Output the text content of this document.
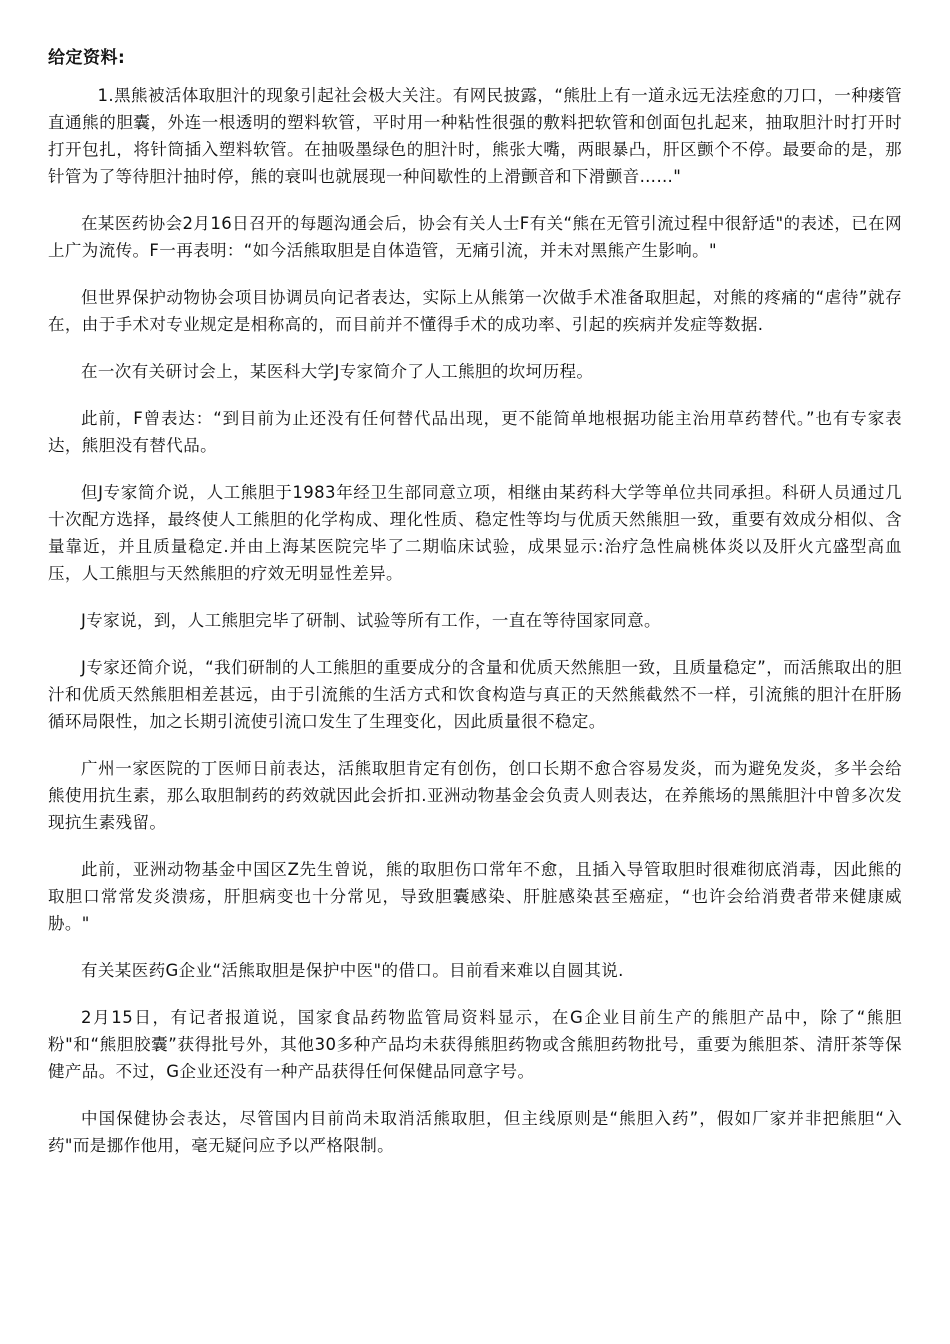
给定资料:

1.黑熊被活体取胆汁的现象引起社会极大关注。有网民披露，“熊肚上有一道永远无法痊愈的刀口，一种瘘管直通熊的胆囊，外连一根透明的塑料软管，平时用一种粘性很强的敷料把软管和创面包扎起来，抽取胆汁时打开时打开包扎，将针筒插入塑料软管。在抽吸墨绿色的胆汁时，熊张大嘴，两眼暴凸，肝区颤个不停。最要命的是，那针管为了等待胆汁抽时停，熊的衰叫也就展现一种间歇性的上滑颤音和下滑颤音……"

在某医药协会2月16日召开的每题沟通会后，协会有关人士F有关“熊在无管引流过程中很舒适"的表述，已在网上广为流传。F一再表明：“如今活熊取胆是自体造管，无痛引流，并未对黑熊产生影响。"

但世界保护动物协会项目协调员向记者表达，实际上从熊第一次做手术准备取胆起，对熊的疼痛的“虐待”就存在，由于手术对专业规定是相称高的，而目前并不懂得手术的成功率、引起的疾病并发症等数据.

在一次有关研讨会上，某医科大学J专家简介了人工熊胆的坎坷历程。

此前，F曾表达：“到目前为止还没有任何替代品出现，更不能简单地根据功能主治用草药替代。”也有专家表达，熊胆没有替代品。

但J专家简介说，人工熊胆于1983年经卫生部同意立项，相继由某药科大学等单位共同承担。科研人员通过几十次配方选择，最终使人工熊胆的化学构成、理化性质、稳定性等均与优质天然熊胆一致，重要有效成分相似、含量靠近，并且质量稳定.并由上海某医院完毕了二期临床试验，成果显示:治疗急性扁桃体炎以及肝火亢盛型高血压，人工熊胆与天然熊胆的疗效无明显性差异。

J专家说，到，人工熊胆完毕了研制、试验等所有工作，一直在等待国家同意。

J专家还简介说，“我们研制的人工熊胆的重要成分的含量和优质天然熊胆一致，且质量稳定”，而活熊取出的胆汁和优质天然熊胆相差甚远，由于引流熊的生活方式和饮食构造与真正的天然熊截然不一样，引流熊的胆汁在肝肠循环局限性，加之长期引流使引流口发生了生理变化，因此质量很不稳定。

广州一家医院的丁医师日前表达，活熊取胆肯定有创伤，创口长期不愈合容易发炎，而为避免发炎，多半会给熊使用抗生素，那么取胆制药的药效就因此会折扣.亚洲动物基金会负责人则表达，在养熊场的黑熊胆汁中曾多次发现抗生素残留。

此前，亚洲动物基金中国区Z先生曾说，熊的取胆伤口常年不愈，且插入导管取胆时很难彻底消毒，因此熊的取胆口常常发炎溃疡，肝胆病变也十分常见，导致胆囊感染、肝脏感染甚至癌症，“也许会给消费者带来健康威胁。"

有关某医药G企业“活熊取胆是保护中医"的借口。目前看来难以自圆其说.

2月15日，有记者报道说，国家食品药物监管局资料显示，在G企业目前生产的熊胆产品中，除了“熊胆粉"和“熊胆胶囊”获得批号外，其他30多种产品均未获得熊胆药物或含熊胆药物批号，重要为熊胆茶、清肝茶等保健产品。不过，G企业还没有一种产品获得任何保健品同意字号。

中国保健协会表达，尽管国内目前尚未取消活熊取胆，但主线原则是“熊胆入药”，假如厂家并非把熊胆“入药"而是挪作他用，毫无疑问应予以严格限制。
